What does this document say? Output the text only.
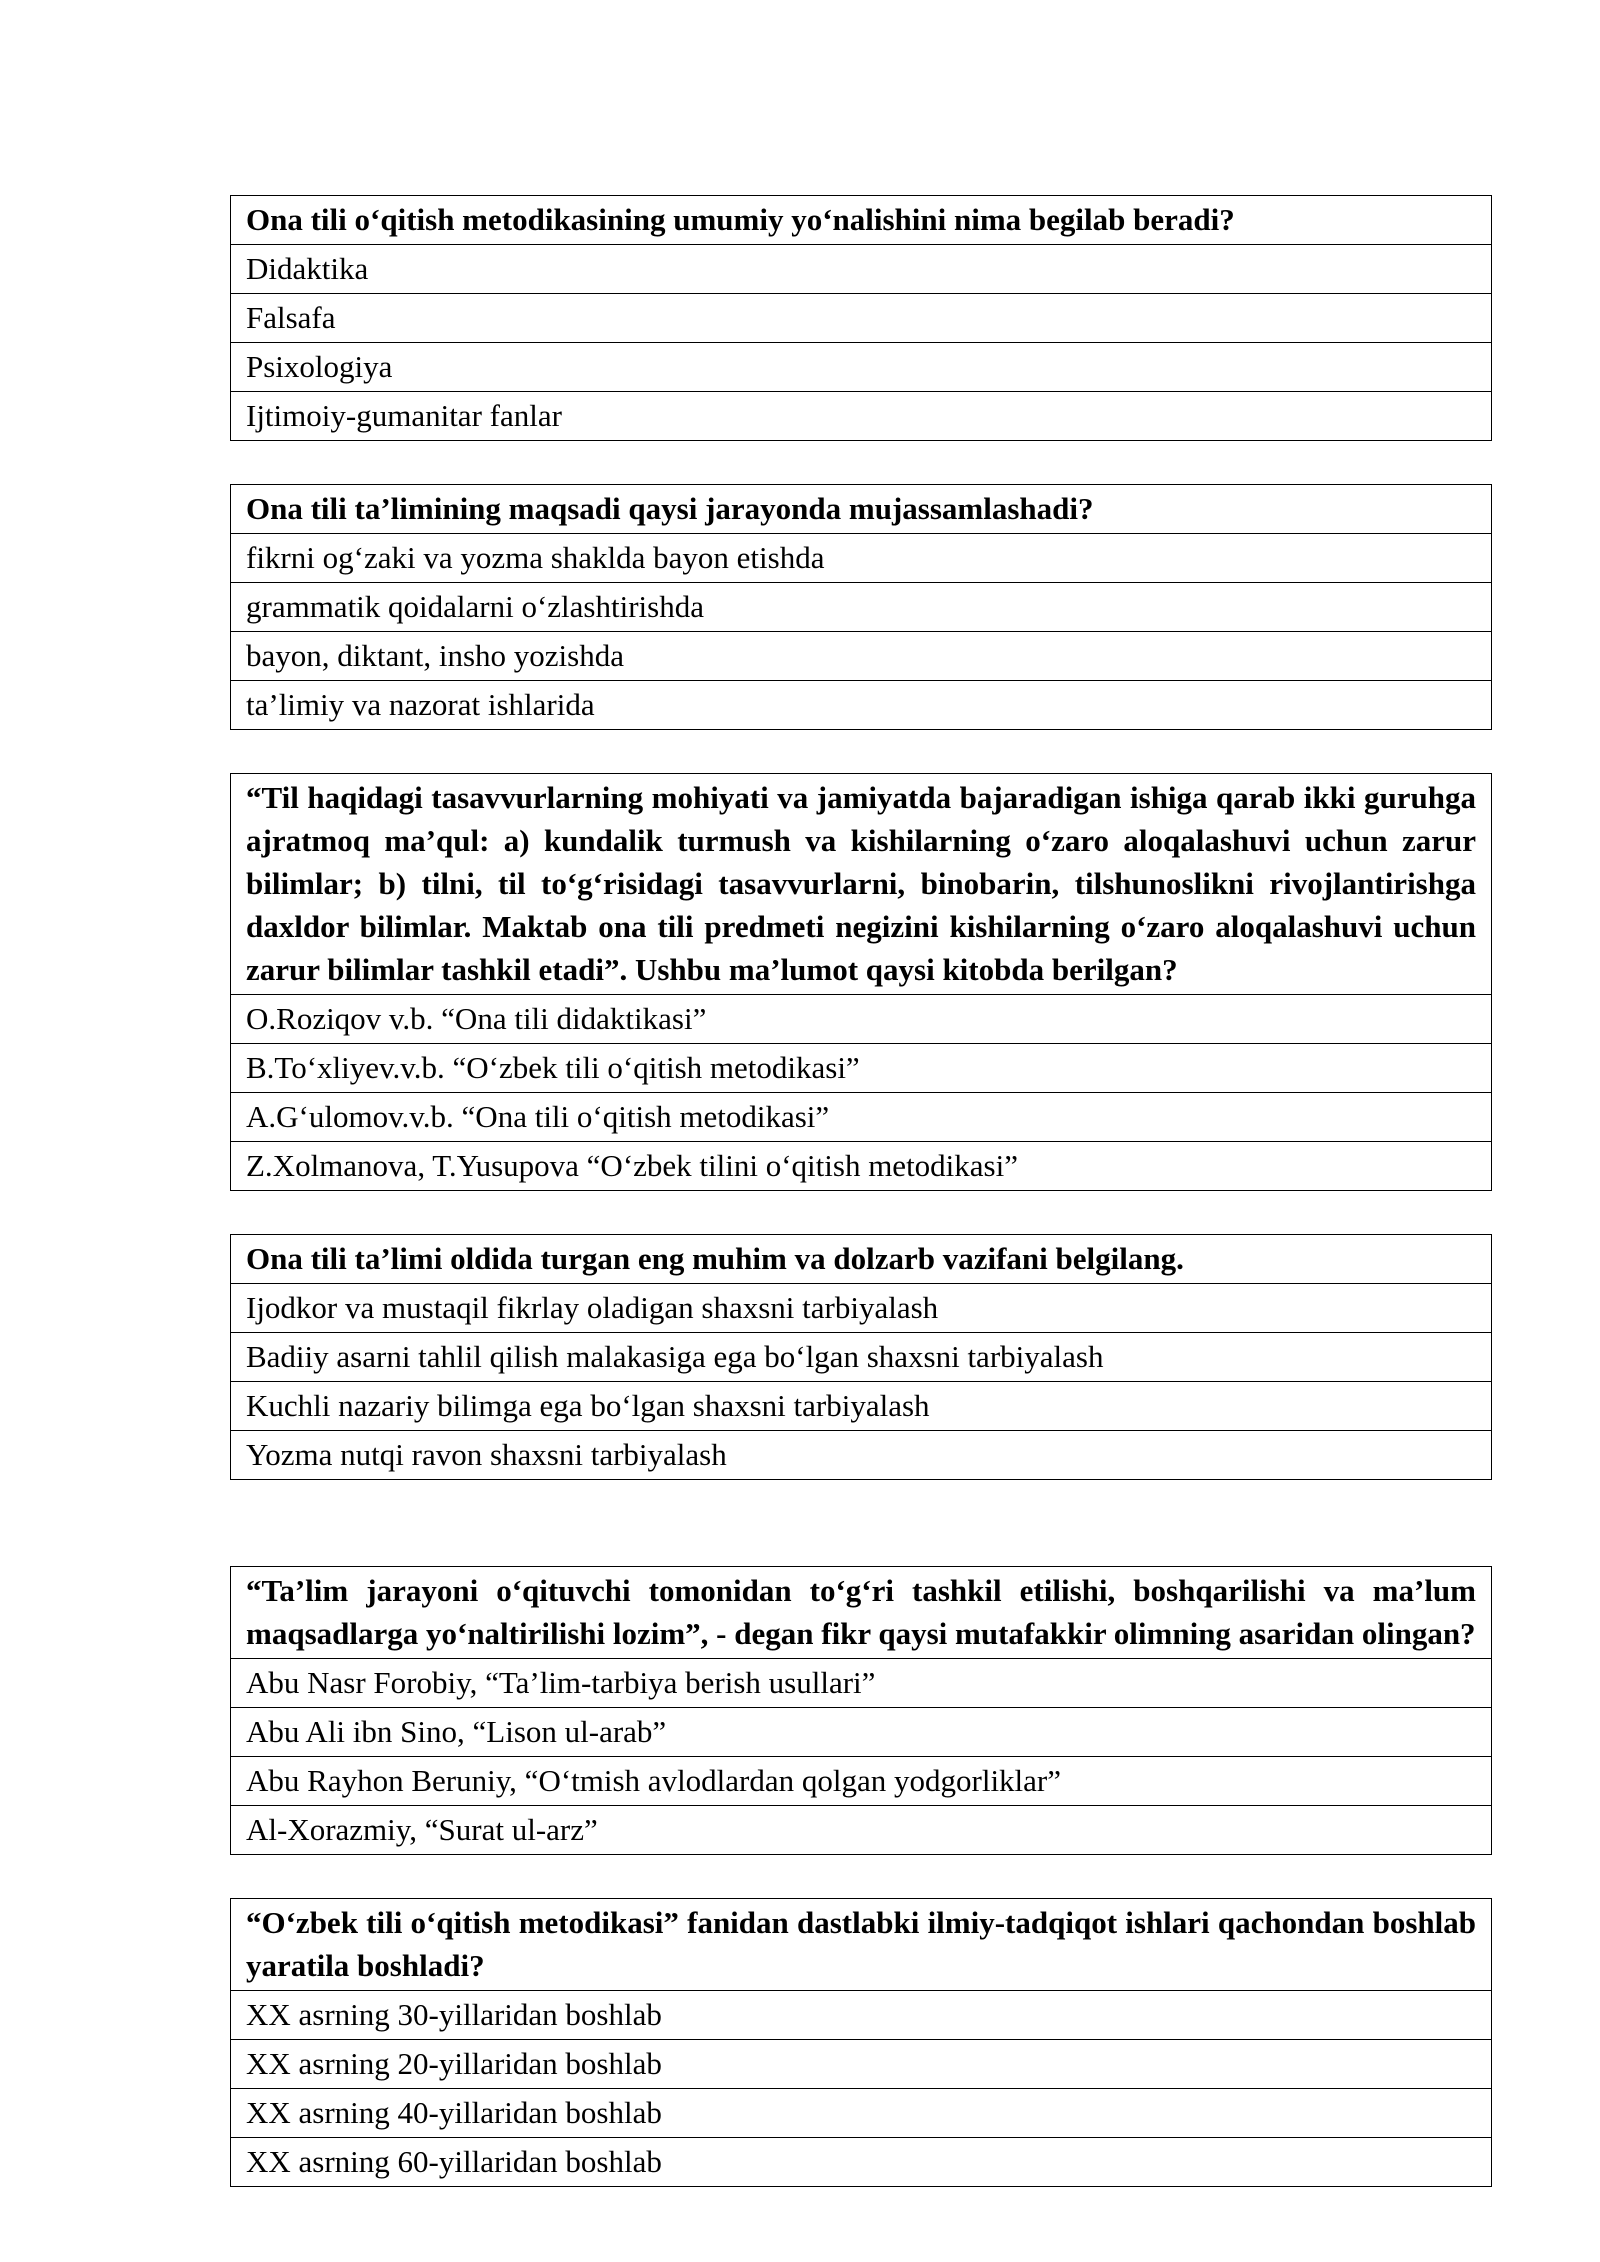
Ona tili o‘qitish metodikasining umumiy yo‘nalishini nima begilab beradi?
Didaktika
Falsafa
Psixologiya
Ijtimoiy-gumanitar fanlar
Ona tili ta’limining maqsadi qaysi jarayonda mujassamlashadi?
fikrni og‘zaki va yozma shaklda bayon etishda
grammatik qoidalarni o‘zlashtirishda
bayon, diktant, insho yozishda
ta’limiy va nazorat ishlarida
“Til haqidagi tasavvurlarning mohiyati va jamiyatda bajaradigan ishiga qarab ikki guruhga ajratmoq ma’qul: a) kundalik turmush va kishilarning o‘zaro aloqalashuvi uchun zarur bilimlar; b) tilni, til to‘g‘risidagi tasavvurlarni, binobarin, tilshunoslikni rivojlantirishga daxldor bilimlar. Maktab ona tili predmeti negizini kishilarning o‘zaro aloqalashuvi uchun zarur bilimlar tashkil etadi”. Ushbu ma’lumot qaysi kitobda berilgan?
O.Roziqov v.b. “Ona tili didaktikasi”
B.To‘xliyev.v.b. “O‘zbek tili o‘qitish metodikasi”
A.G‘ulomov.v.b. “Ona tili o‘qitish metodikasi”
Z.Xolmanova, T.Yusupova “O‘zbek tilini o‘qitish metodikasi”
Ona tili ta’limi oldida turgan eng muhim va dolzarb vazifani belgilang.
Ijodkor va mustaqil fikrlay oladigan shaxsni tarbiyalash
Badiiy asarni tahlil qilish malakasiga ega bo‘lgan shaxsni tarbiyalash
Kuchli nazariy bilimga ega bo‘lgan shaxsni tarbiyalash
Yozma nutqi ravon shaxsni tarbiyalash
“Ta’lim jarayoni o‘qituvchi tomonidan to‘g‘ri tashkil etilishi, boshqarilishi va ma’lum maqsadlarga yo‘naltirilishi lozim”, - degan fikr qaysi mutafakkir olimning asaridan olingan?
Abu Nasr Forobiy, “Ta’lim-tarbiya berish usullari”
Abu Ali ibn Sino, “Lison ul-arab”
Abu Rayhon Beruniy, “O‘tmish avlodlardan qolgan yodgorliklar”
Al-Xorazmiy, “Surat ul-arz”
“O‘zbek tili o‘qitish metodikasi” fanidan dastlabki ilmiy-tadqiqot ishlari qachondan boshlab yaratila boshladi?
XX asrning 30-yillaridan boshlab
XX asrning 20-yillaridan boshlab
XX asrning 40-yillaridan boshlab
XX asrning 60-yillaridan boshlab
